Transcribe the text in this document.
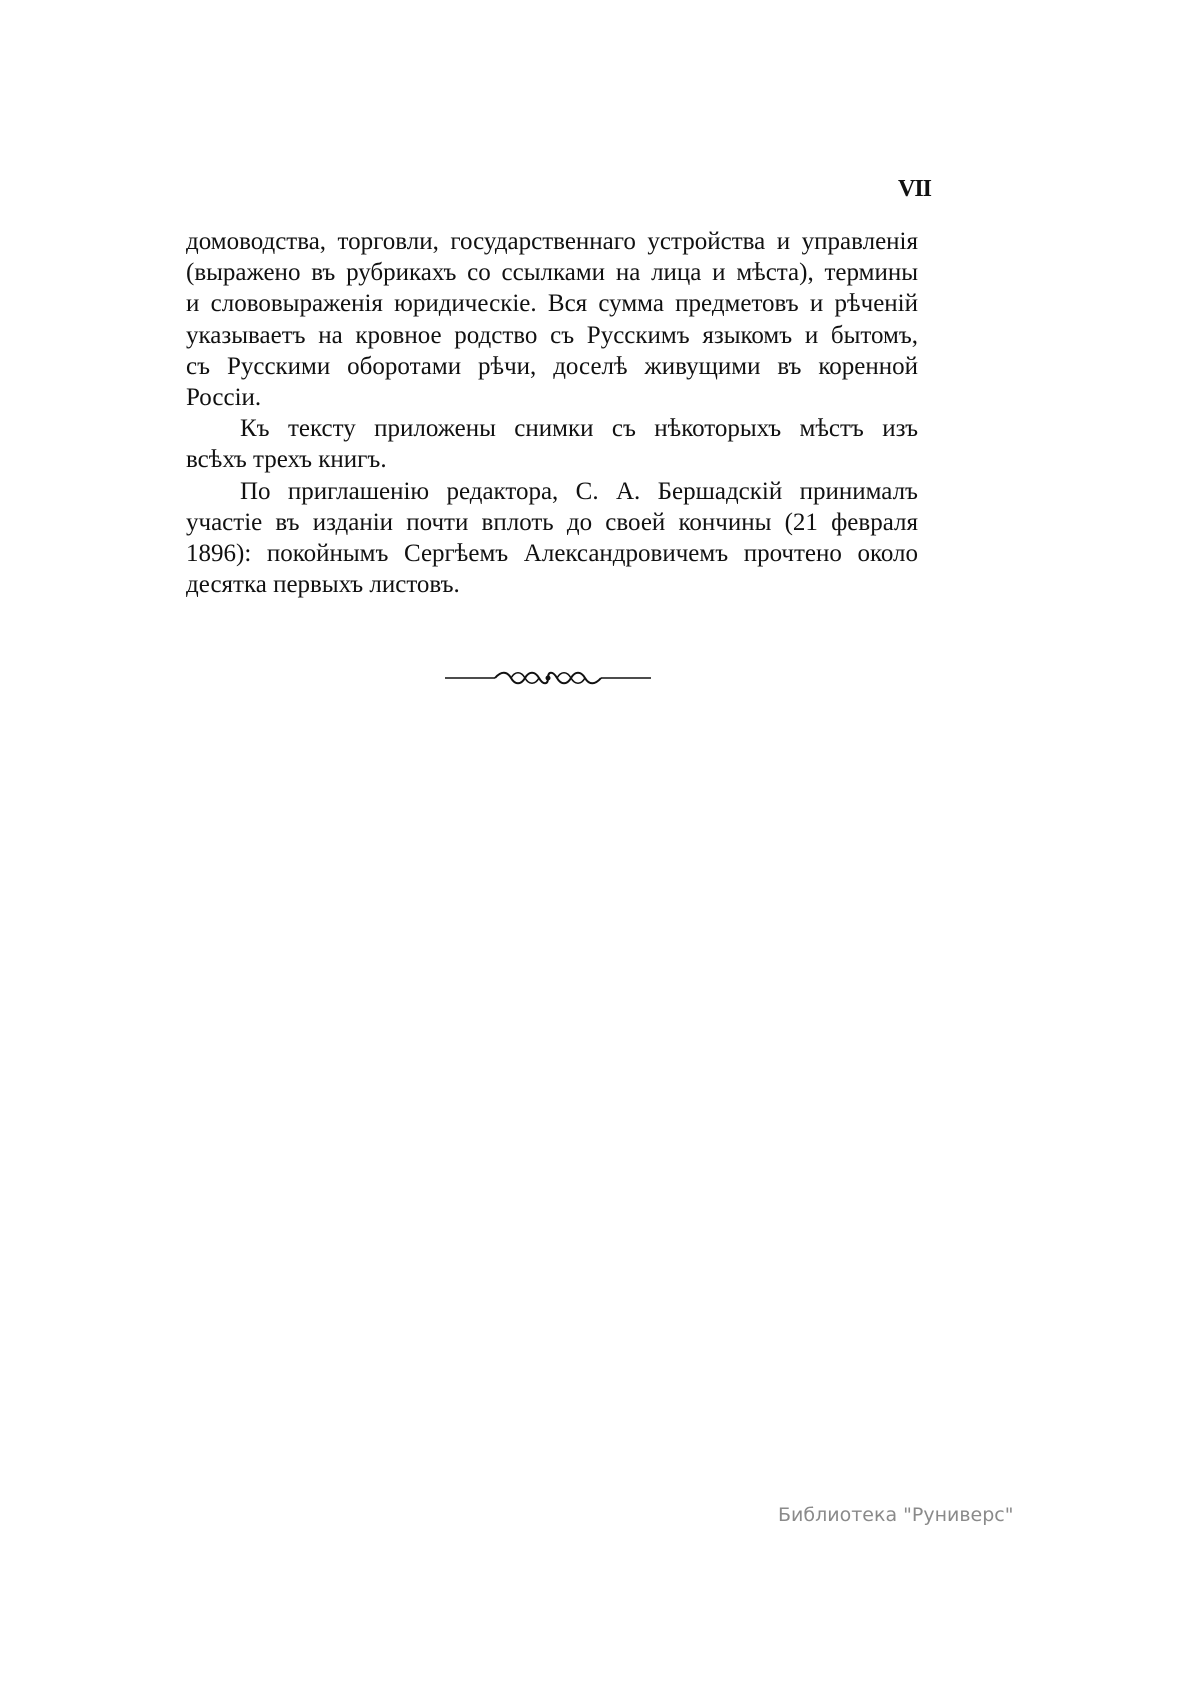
VII
домоводства, торговли, государственнаго устройства и управленія
(выражено въ рубрикахъ со ссылками на лица и мѣста), термины
и слововыраженія юридическіе. Вся сумма предметовъ и рѣченій
указываетъ на кровное родство съ Русскимъ языкомъ и бытомъ,
съ Русскими оборотами рѣчи, доселѣ живущими въ коренной
Россіи.
Къ тексту приложены снимки съ нѣкоторыхъ мѣстъ изъ
всѣхъ трехъ книгъ.
По приглашенію редактора, С. А. Бершадскій принималъ
участіе въ изданіи почти вплоть до своей кончины (21 февраля
1896): покойнымъ Сергѣемъ Александровичемъ прочтено около
десятка первыхъ листовъ.
Библиотека "Руниверс"
